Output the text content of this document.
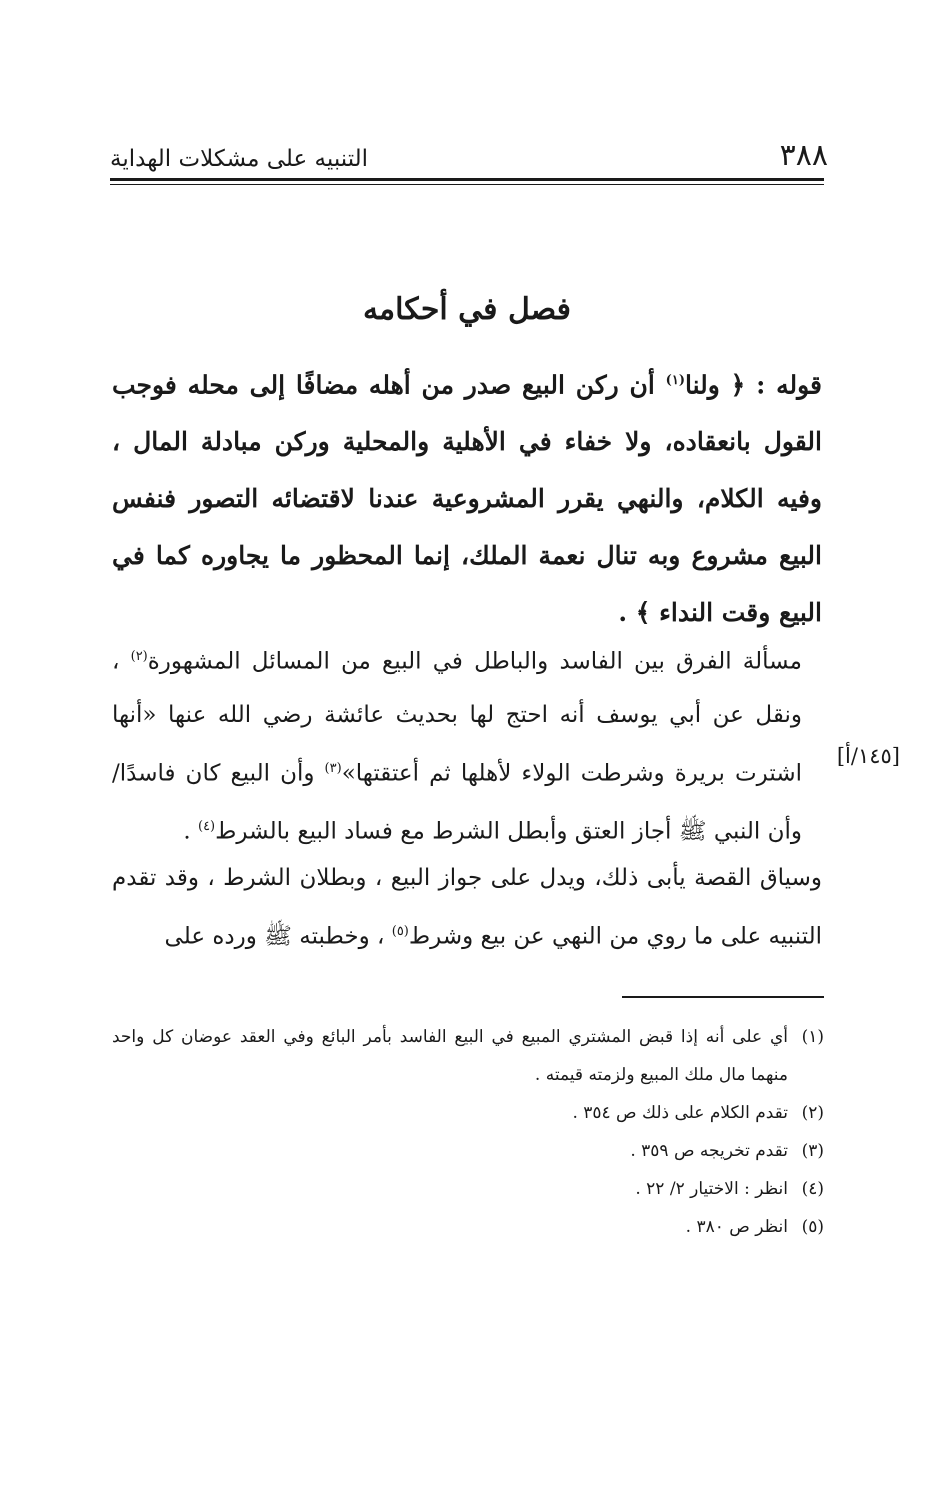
٣٨٨
التنبيه على مشكلات الهداية
فصل في أحكامه
قوله : ﴿ ولنا$^{(١)}$ أن ركن البيع صدر من أهله مضافًا إلى محله فوجب القول بانعقاده، ولا خفاء في الأهلية والمحلية وركن مبادلة المال ، وفيه الكلام، والنهي يقرر المشروعية عندنا لاقتضائه التصور فنفس البيع مشروع وبه تنال نعمة الملك، إنما المحظور ما يجاوره كما في البيع وقت النداء ﴾ .
مسألة الفرق بين الفاسد والباطل في البيع من المسائل المشهورة$^{(٢)}$ ، ونقل عن أبي يوسف أنه احتج لها بحديث عائشة رضي الله عنها «أنها اشترت بريرة وشرطت الولاء لأهلها ثم أعتقتها»$^{(٣)}$ وأن البيع كان فاسدًا/ وأن النبي ﷺ أجاز العتق وأبطل الشرط مع فساد البيع بالشرط$^{(٤)}$ .
[١٤٥/أ]
وسياق القصة يأبى ذلك، ويدل على جواز البيع ، وبطلان الشرط ، وقد تقدم التنبيه على ما روي من النهي عن بيع وشرط$^{(٥)}$ ، وخطبته ﷺ ورده على
(١)
أي على أنه إذا قبض المشتري المبيع في البيع الفاسد بأمر البائع وفي العقد عوضان كل واحد منهما مال ملك المبيع ولزمته قيمته .
(٢)
تقدم الكلام على ذلك ص ٣٥٤ .
(٣)
تقدم تخريجه ص ٣٥٩ .
(٤)
انظر : الاختيار ٢/ ٢٢ .
(٥)
انظر ص ٣٨٠ .
